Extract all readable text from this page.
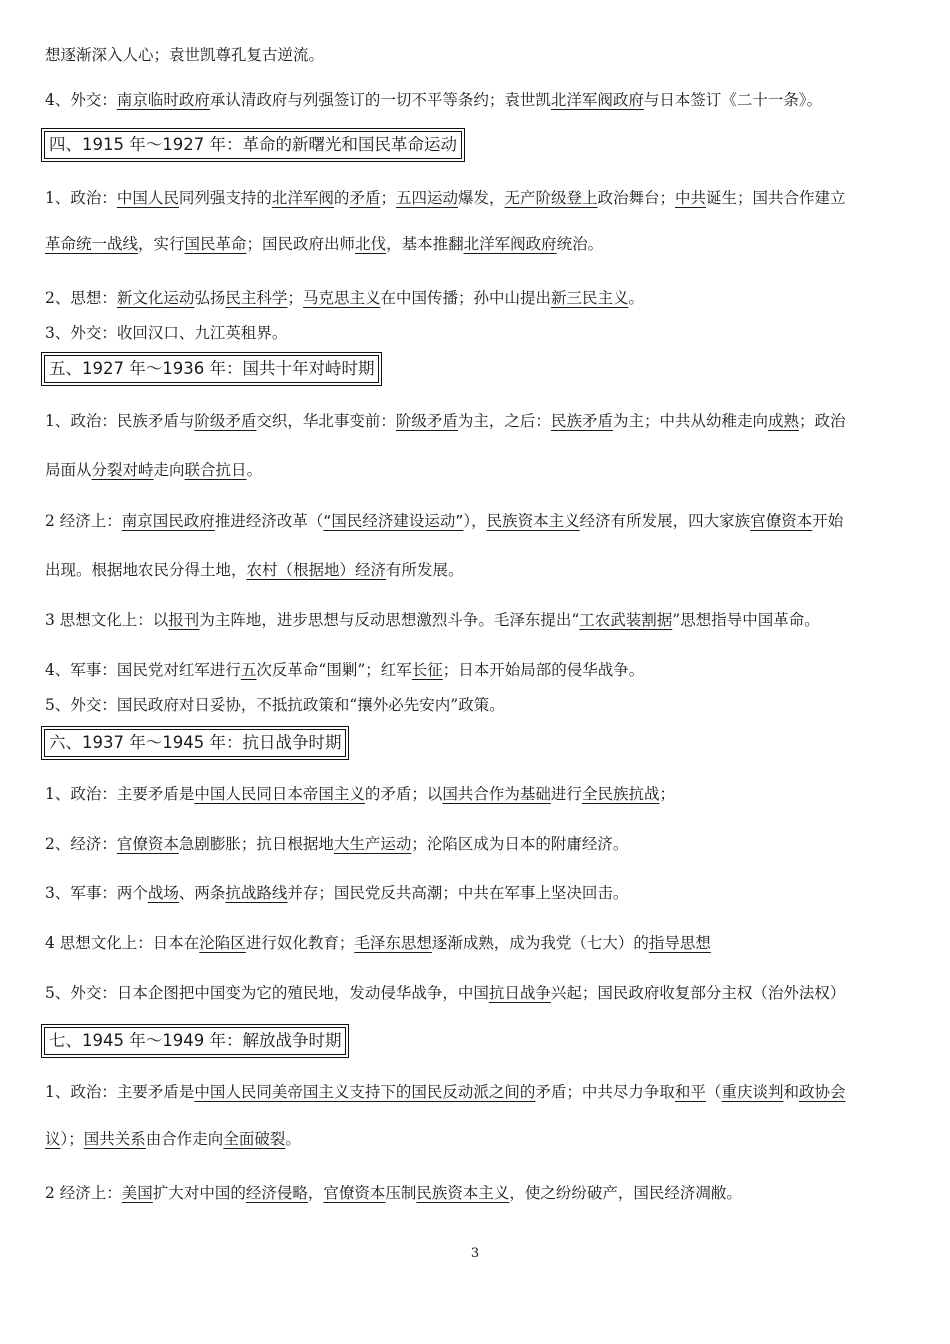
想逐渐深入人心；袁世凯尊孔复古逆流。
4、外交：南京临时政府承认清政府与列强签订的一切不平等条约；袁世凯北洋军阀政府与日本签订《二十一条》。
1、政治：中国人民同列强支持的北洋军阀的矛盾；五四运动爆发，无产阶级登上政治舞台；中共诞生；国共合作建立
革命统一战线，实行国民革命；国民政府出师北伐，基本推翻北洋军阀政府统治。
2、思想：新文化运动弘扬民主科学；马克思主义在中国传播；孙中山提出新三民主义。
3、外交：收回汉口、九江英租界。
1、政治：民族矛盾与阶级矛盾交织，华北事变前：阶级矛盾为主，之后：民族矛盾为主；中共从幼稚走向成熟；政治
局面从分裂对峙走向联合抗日。
2 经济上：南京国民政府推进经济改革（“国民经济建设运动”），民族资本主义经济有所发展，四大家族官僚资本开始
出现。根据地农民分得土地，农村（根据地）经济有所发展。
3 思想文化上：以报刊为主阵地，进步思想与反动思想激烈斗争。毛泽东提出“工农武装割据”思想指导中国革命。
4、军事：国民党对红军进行五次反革命“围剿”；红军长征；日本开始局部的侵华战争。
5、外交：国民政府对日妥协，不抵抗政策和“攘外必先安内”政策。
1、政治：主要矛盾是中国人民同日本帝国主义的矛盾；以国共合作为基础进行全民族抗战；
2、经济：官僚资本急剧膨胀；抗日根据地大生产运动；沦陷区成为日本的附庸经济。
3、军事：两个战场、两条抗战路线并存；国民党反共高潮；中共在军事上坚决回击。
4 思想文化上：日本在沦陷区进行奴化教育；毛泽东思想逐渐成熟，成为我党（七大）的指导思想
5、外交：日本企图把中国变为它的殖民地，发动侵华战争，中国抗日战争兴起；国民政府收复部分主权（治外法权）
1、政治：主要矛盾是中国人民同美帝国主义支持下的国民反动派之间的矛盾；中共尽力争取和平（重庆谈判和政协会
议）；国共关系由合作走向全面破裂。
2 经济上：美国扩大对中国的经济侵略，官僚资本压制民族资本主义，使之纷纷破产，国民经济凋敝。
四、1915 年～1927 年：革命的新曙光和国民革命运动
五、1927 年～1936 年：国共十年对峙时期
六、1937 年～1945 年：抗日战争时期
七、1945 年～1949 年：解放战争时期
3
